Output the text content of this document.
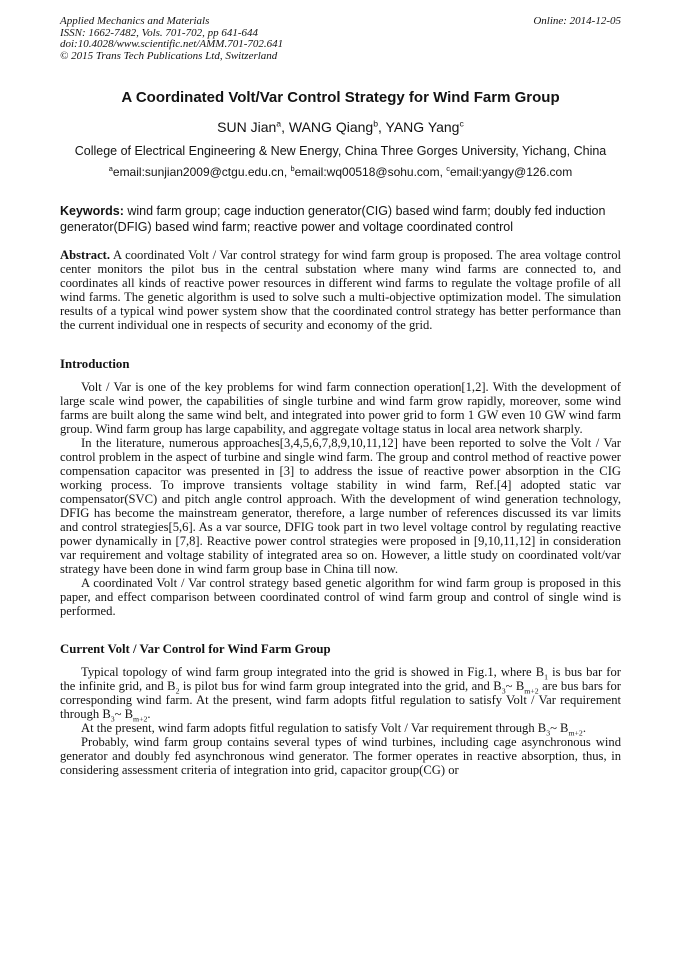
Applied Mechanics and Materials
ISSN: 1662-7482, Vols. 701-702, pp 641-644
doi:10.4028/www.scientific.net/AMM.701-702.641
© 2015 Trans Tech Publications Ltd, Switzerland
Online: 2014-12-05
A Coordinated Volt/Var Control Strategy for Wind Farm Group
SUN Jian$^a$, WANG Qiang$^b$, YANG Yang$^c$
College of Electrical Engineering & New Energy, China Three Gorges University, Yichang, China
$^a$email:sunjian2009@ctgu.edu.cn, $^b$email:wq00518@sohu.com, $^c$email:yangy@126.com

Keywords: wind farm group; cage induction generator(CIG) based wind farm; doubly fed induction generator(DFIG) based wind farm; reactive power and voltage coordinated control

Abstract. A coordinated Volt / Var control strategy for wind farm group is proposed. The area voltage control center monitors the pilot bus in the central substation where many wind farms are connected to, and coordinates all kinds of reactive power resources in different wind farms to regulate the voltage profile of all wind farms. The genetic algorithm is used to solve such a multi-objective optimization model. The simulation results of a typical wind power system show that the coordinated control strategy has better performance than the current individual one in respects of security and economy of the grid.

Introduction

Volt / Var is one of the key problems for wind farm connection operation[1,2]. With the development of large scale wind power, the capabilities of single turbine and wind farm grow rapidly, moreover, some wind farms are built along the same wind belt, and integrated into power grid to form 1 GW even 10 GW wind farm group. Wind farm group has large capability, and aggregate voltage status in local area network sharply.

In the literature, numerous approaches[3,4,5,6,7,8,9,10,11,12] have been reported to solve the Volt / Var control problem in the aspect of turbine and single wind farm. The group and control method of reactive power compensation capacitor was presented in [3] to address the issue of reactive power absorption in the CIG working process. To improve transients voltage stability in wind farm, Ref.[4] adopted static var compensator(SVC) and pitch angle control approach. With the development of wind generation technology, DFIG has become the mainstream generator, therefore, a large number of references discussed its var limits and control strategies[5,6]. As a var source, DFIG took part in two level voltage control by regulating reactive power dynamically in [7,8]. Reactive power control strategies were proposed in [9,10,11,12] in consideration var requirement and voltage stability of integrated area so on. However, a little study on coordinated volt/var strategy have been done in wind farm group base in China till now.

A coordinated Volt / Var control strategy based genetic algorithm for wind farm group is proposed in this paper, and effect comparison between coordinated control of wind farm group and control of single wind is performed.

Current Volt / Var Control for Wind Farm Group

Typical topology of wind farm group integrated into the grid is showed in Fig.1, where $B_1$ is bus bar for the infinite grid, and $B_2$ is pilot bus for wind farm group integrated into the grid, and $B_3\sim$ $B_{m+2}$ are bus bars for corresponding wind farm. At the present, wind farm adopts fitful regulation to satisfy Volt / Var requirement through $B_3\sim$ $B_{m+2}$.

At the present, wind farm adopts fitful regulation to satisfy Volt / Var requirement through $B_3\sim$ $B_{m+2}$.

Probably, wind farm group contains several types of wind turbines, including cage asynchronous wind generator and doubly fed asynchronous wind generator. The former operates in reactive absorption, thus, in considering assessment criteria of integration into grid, capacitor group(CG) or
